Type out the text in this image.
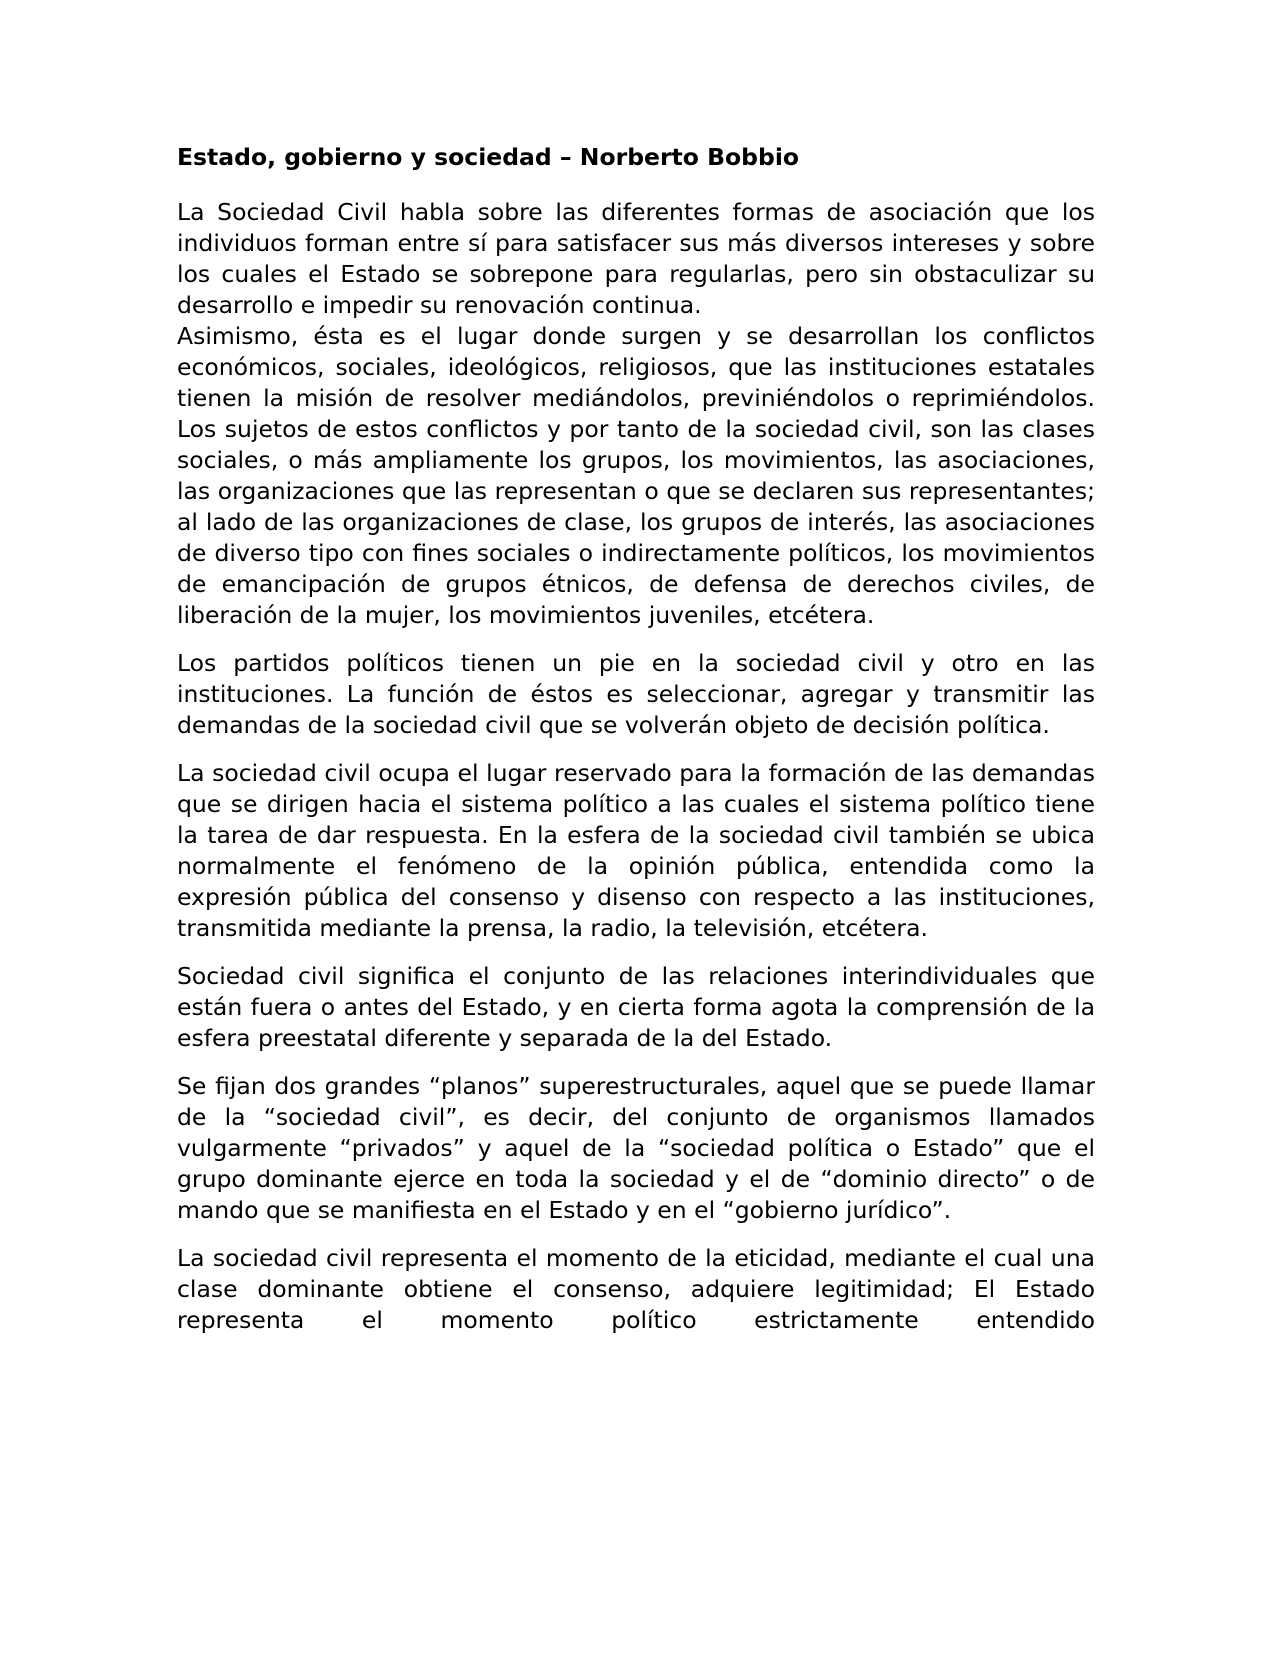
Estado, gobierno y sociedad – Norberto Bobbio

La Sociedad Civil habla sobre las diferentes formas de asociación que los individuos forman entre sí para satisfacer sus más diversos intereses y sobre los cuales el Estado se sobrepone para regularlas, pero sin obstaculizar su desarrollo e impedir su renovación continua.

Asimismo, ésta es el lugar donde surgen y se desarrollan los conflictos económicos, sociales, ideológicos, religiosos, que las instituciones estatales tienen la misión de resolver mediándolos, previniéndolos o reprimiéndolos. Los sujetos de estos conflictos y por tanto de la sociedad civil, son las clases sociales, o más ampliamente los grupos, los movimientos, las asociaciones, las organizaciones que las representan o que se declaren sus representantes; al lado de las organizaciones de clase, los grupos de interés, las asociaciones de diverso tipo con fines sociales o indirectamente políticos, los movimientos de emancipación de grupos étnicos, de defensa de derechos civiles, de liberación de la mujer, los movimientos juveniles, etcétera.

Los partidos políticos tienen un pie en la sociedad civil y otro en las instituciones. La función de éstos es seleccionar, agregar y transmitir las demandas de la sociedad civil que se volverán objeto de decisión política.

La sociedad civil ocupa el lugar reservado para la formación de las demandas que se dirigen hacia el sistema político a las cuales el sistema político tiene la tarea de dar respuesta. En la esfera de la sociedad civil también se ubica normalmente el fenómeno de la opinión pública, entendida como la expresión pública del consenso y disenso con respecto a las instituciones, transmitida mediante la prensa, la radio, la televisión, etcétera.

Sociedad civil significa el conjunto de las relaciones interindividuales que están fuera o antes del Estado, y en cierta forma agota la comprensión de la esfera preestatal diferente y separada de la del Estado.

Se fijan dos grandes “planos” superestructurales, aquel que se puede llamar de la “sociedad civil”, es decir, del conjunto de organismos llamados vulgarmente “privados” y aquel de la “sociedad política o Estado” que el grupo dominante ejerce en toda la sociedad y el de “dominio directo” o de mando que se manifiesta en el Estado y en el “gobierno jurídico”.

La sociedad civil representa el momento de la eticidad, mediante el cual una clase dominante obtiene el consenso, adquiere legitimidad; El Estado representa el momento político estrictamente entendido
